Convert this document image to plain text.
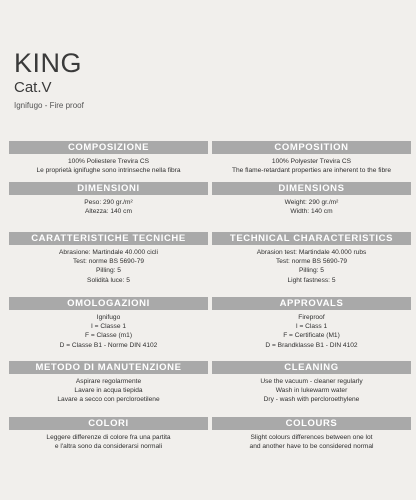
KING
Cat.V
Ignifugo - Fire proof
COMPOSIZIONE
100% Poliestere Trevira CS
Le proprietà ignifughe sono intrinseche nella fibra
DIMENSIONI
Peso: 290 gr./m²
Altezza: 140 cm
CARATTERISTICHE TECNICHE
Abrasione: Martindale 40.000 cicli
Test: norme BS 5690-79
Pilling: 5
Solidità luce: 5
OMOLOGAZIONI
Ignifugo
I = Classe 1
F = Classe (m1)
D = Classe B1 - Norme DIN 4102
METODO DI MANUTENZIONE
Aspirare regolarmente
Lavare in acqua tiepida
Lavare a secco con percloroetilene
COLORI
Leggere differenze di colore fra una partita
e l'altra sono da considerarsi normali
COMPOSITION
100% Polyester Trevira CS
The flame-retardant properties are inherent to the fibre
DIMENSIONS
Weight: 290 gr./m²
Width: 140 cm
TECHNICAL CHARACTERISTICS
Abrasion test: Martindale 40.000 rubs
Test: norme BS 5690-79
Pilling: 5
Light fastness: 5
APPROVALS
Fireproof
I = Class 1
F = Certificate (M1)
D = Brandklasse B1 - DIN 4102
CLEANING
Use the vacuum - cleaner regularly
Wash in lukewarm water
Dry - wash with percloroethylene
COLOURS
Slight colours differences between one lot
and another have to be considered normal
